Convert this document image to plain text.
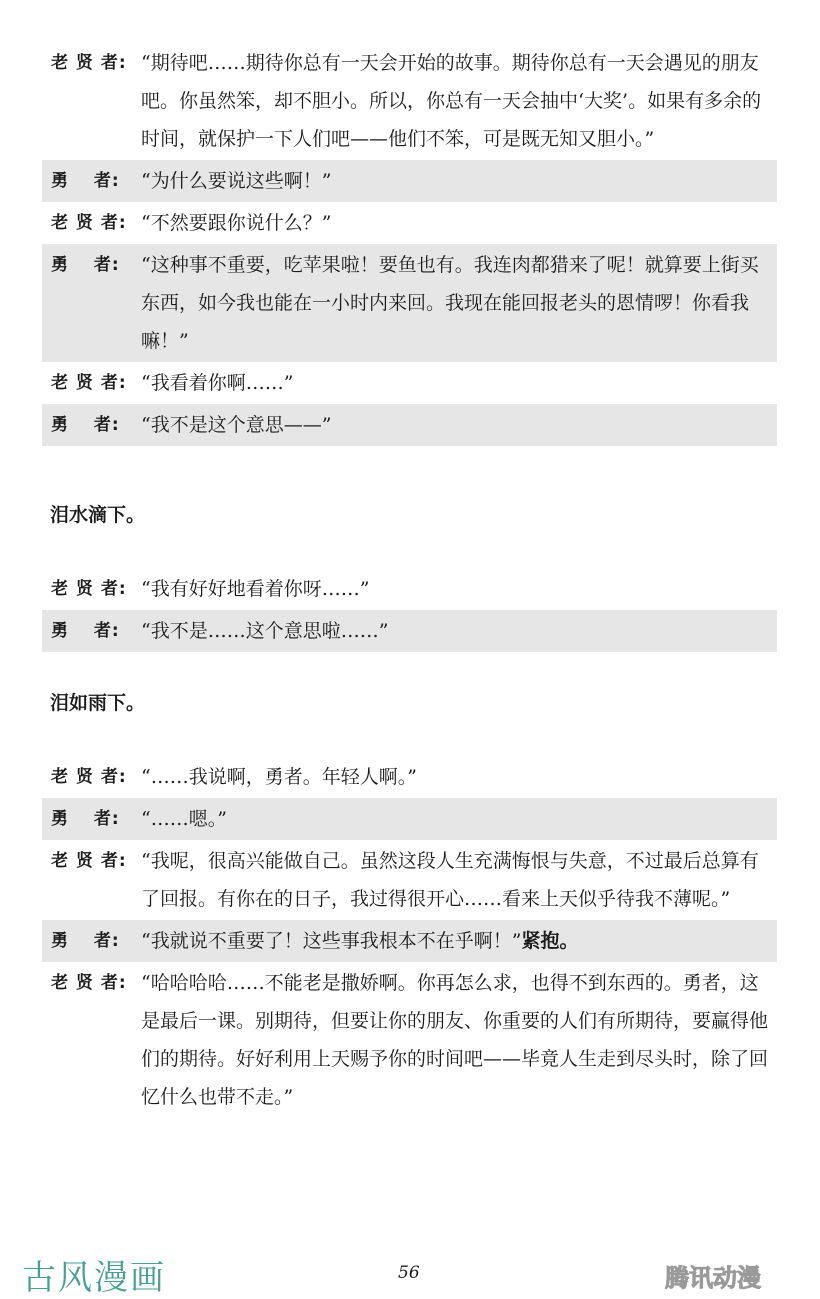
老 贤 者: “期待吧……期待你总有一天会开始的故事。期待你总有一天会遇见的朋友吧。你虽然笨，却不胆小。所以，你总有一天会抽中‘大奖’。如果有多余的时间，就保护一下人们吧——他们不笨，可是既无知又胆小。”
勇　 者:	“为什么要说这些啊！”
老 贤 者: “不然要跟你说什么？”
勇　 者:	“这种事不重要，吃苹果啦！要鱼也有。我连肉都猎来了呢！就算要上街买东西，如今我也能在一小时内来回。我现在能回报老头的恩情啰！你看我嘛！”
老 贤 者: “我看着你啊……”
勇　 者:	“我不是这个意思——”
泪水滴下。
老 贤 者: “我有好好地看着你呀……”
勇　 者:	“我不是……这个意思啦……”
泪如雨下。
老 贤 者: “……我说啊，勇者。年轻人啊。”
勇　 者:	“……嗯。”
老 贤 者: “我呢，很高兴能做自己。虽然这段人生充满悔恨与失意，不过最后总算有了回报。有你在的日子，我过得很开心……看来上天似乎待我不薄呢。”
勇　 者:	“我就说不重要了！这些事我根本不在乎啊！”紧抱。
老 贤 者: “哈哈哈哈……不能老是撒娇啊。你再怎么求，也得不到东西的。勇者，这是最后一课。别期待，但要让你的朋友、你重要的人们有所期待，要赢得他们的期待。好好利用上天赐予你的时间吧——毕竟人生走到尽头时，除了回忆什么也带不走。”
古风漫画	56	腾讯动漫
